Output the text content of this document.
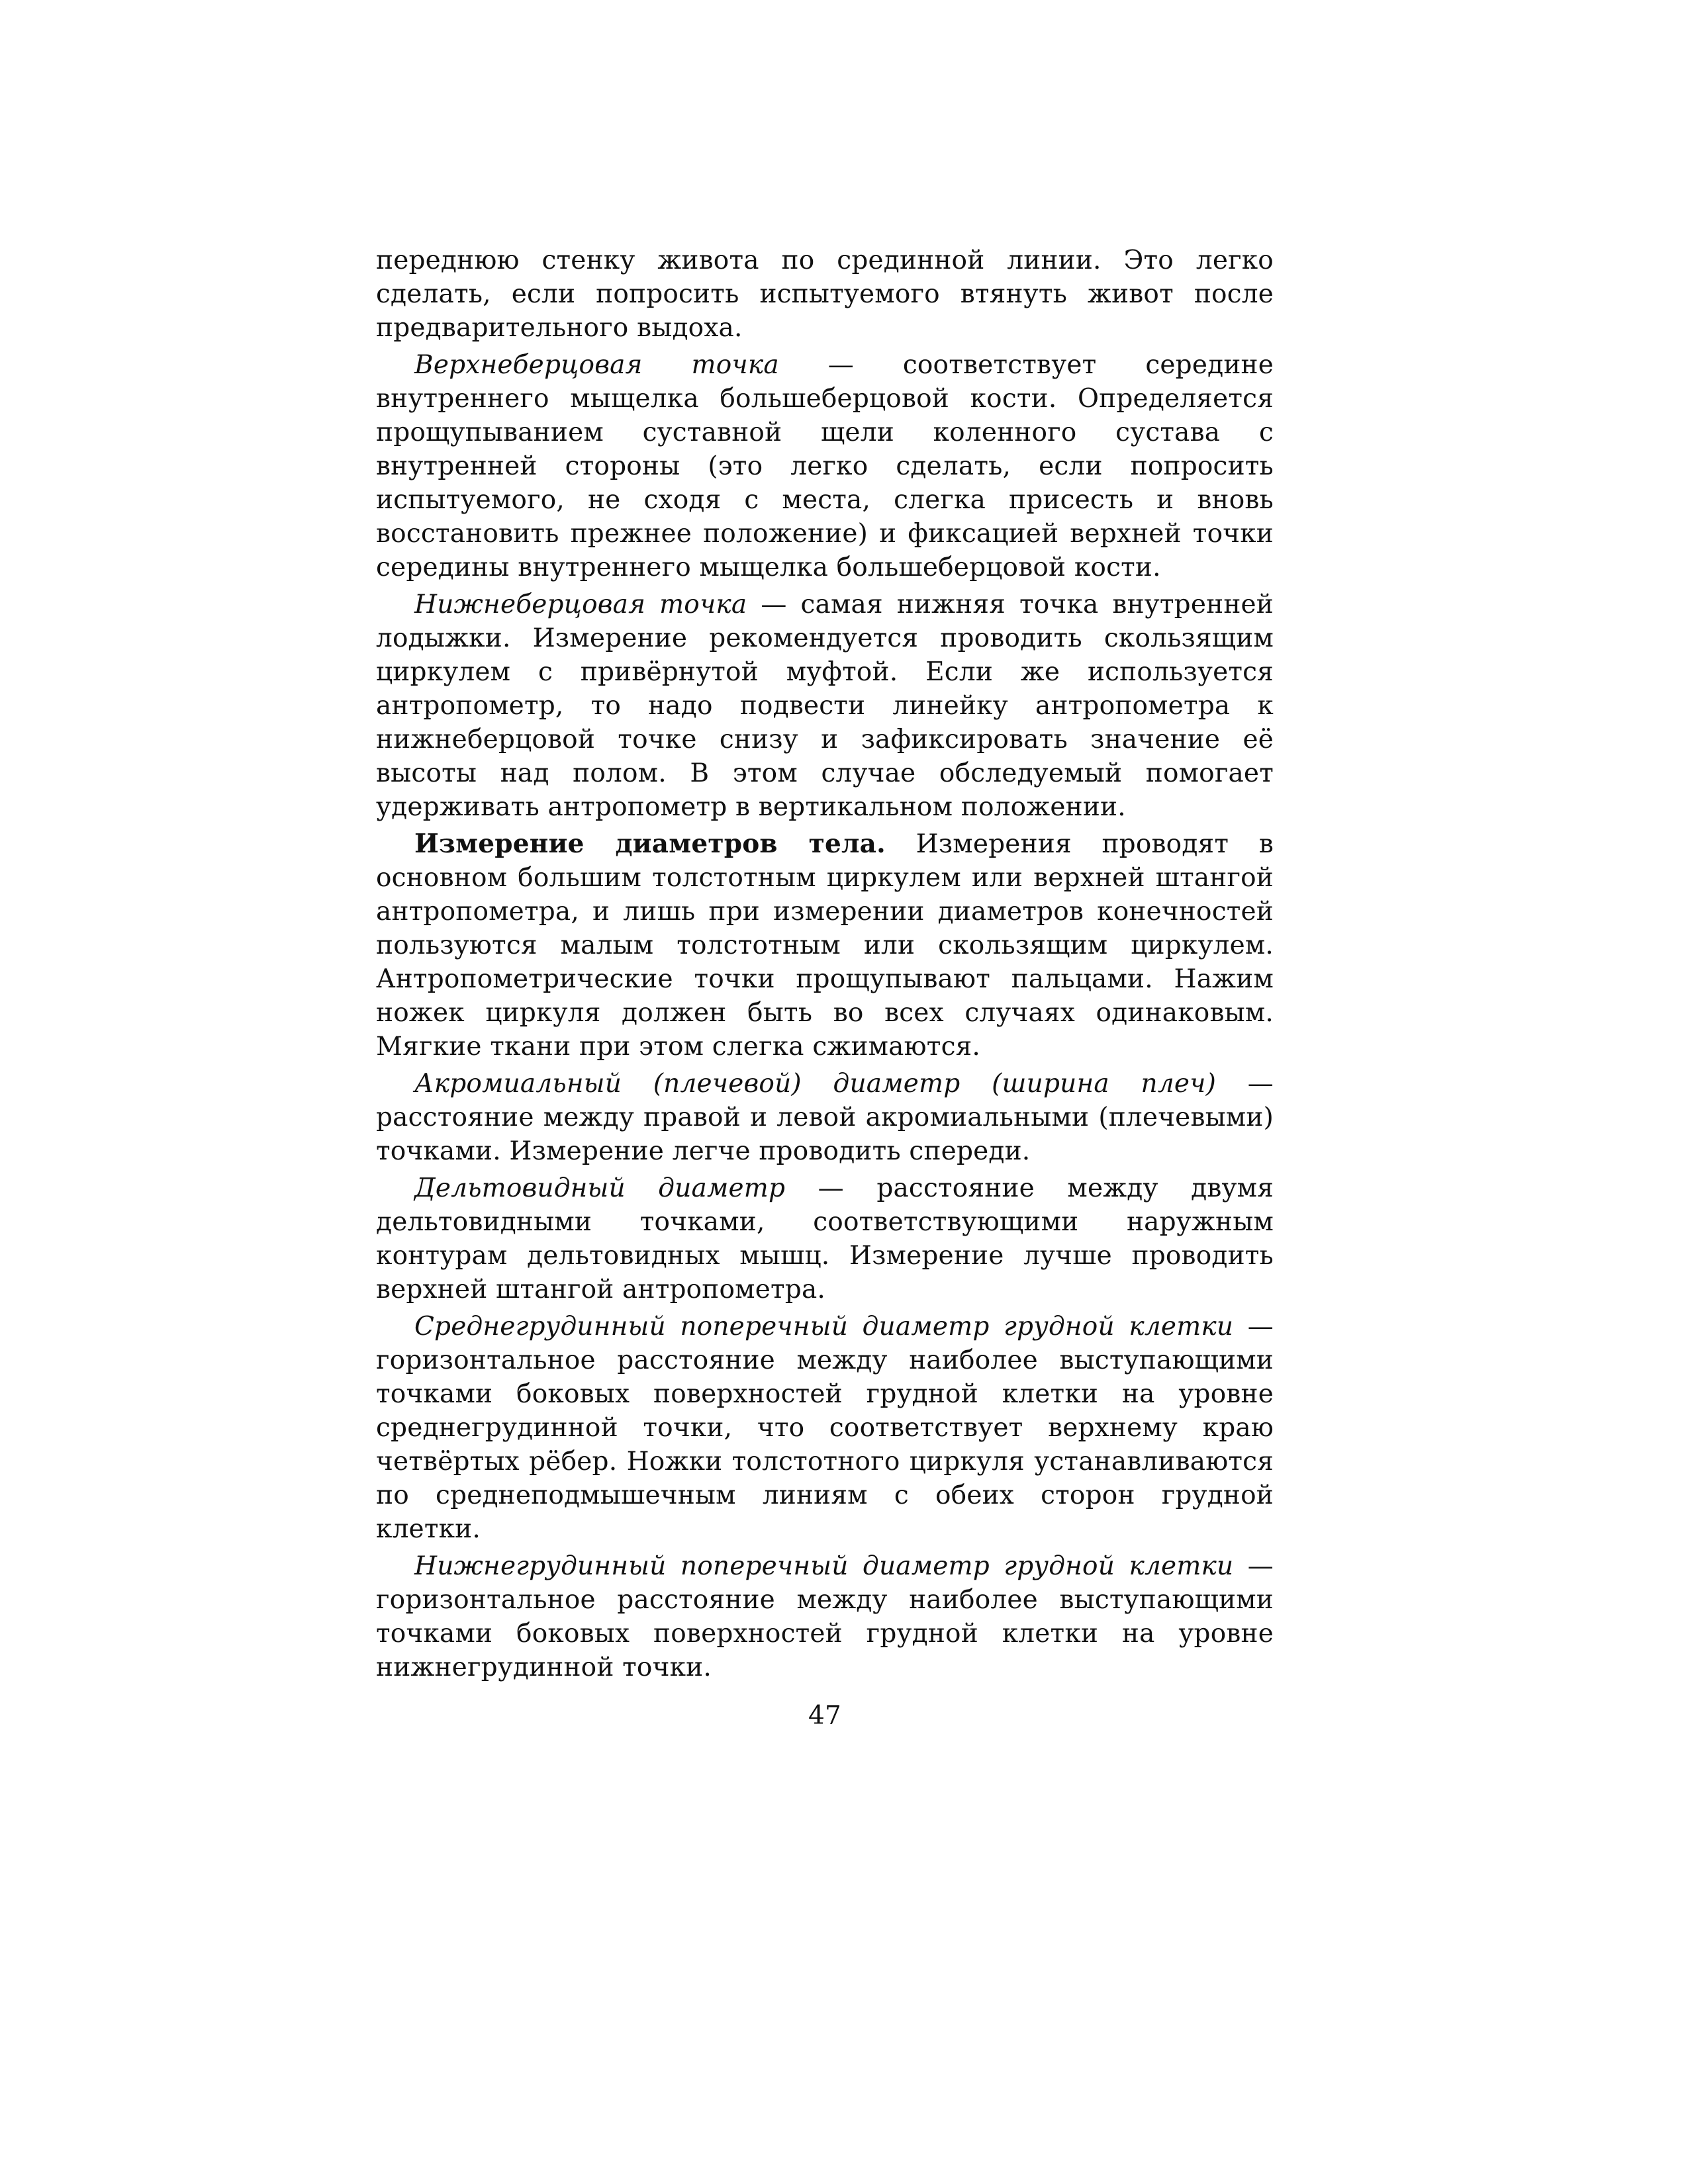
переднюю стенку живота по срединной линии. Это легко сделать, если попросить испытуемого втянуть живот после предварительного выдоха.

Верхнеберцовая точка — соответствует середине внутреннего мыщелка большеберцовой кости. Определяется прощупыванием суставной щели коленного сустава с внутренней стороны (это легко сделать, если попросить испытуемого, не сходя с места, слегка присесть и вновь восстановить прежнее положение) и фиксацией верхней точки середины внутреннего мыщелка большеберцовой кости.

Нижнеберцовая точка — самая нижняя точка внутренней лодыжки. Измерение рекомендуется проводить скользящим циркулем с привёрнутой муфтой. Если же используется антропометр, то надо подвести линейку антропометра к нижнеберцовой точке снизу и зафиксировать значение её высоты над полом. В этом случае обследуемый помогает удерживать антропометр в вертикальном положении.

Измерение диаметров тела. Измерения проводят в основном большим толстотным циркулем или верхней штангой антропометра, и лишь при измерении диаметров конечностей пользуются малым толстотным или скользящим циркулем. Антропометрические точки прощупывают пальцами. Нажим ножек циркуля должен быть во всех случаях одинаковым. Мягкие ткани при этом слегка сжимаются.

Акромиальный (плечевой) диаметр (ширина плеч) — расстояние между правой и левой акромиальными (плечевыми) точками. Измерение легче проводить спереди.

Дельтовидный диаметр — расстояние между двумя дельтовидными точками, соответствующими наружным контурам дельтовидных мышц. Измерение лучше проводить верхней штангой антропометра.

Среднегрудинный поперечный диаметр грудной клетки — горизонтальное расстояние между наиболее выступающими точками боковых поверхностей грудной клетки на уровне среднегрудинной точки, что соответствует верхнему краю четвёртых рёбер. Ножки толстотного циркуля устанавливаются по среднеподмышечным линиям с обеих сторон грудной клетки.

Нижнегрудинный поперечный диаметр грудной клетки — горизонтальное расстояние между наиболее выступающими точками боковых поверхностей грудной клетки на уровне нижнегрудинной точки.

47
